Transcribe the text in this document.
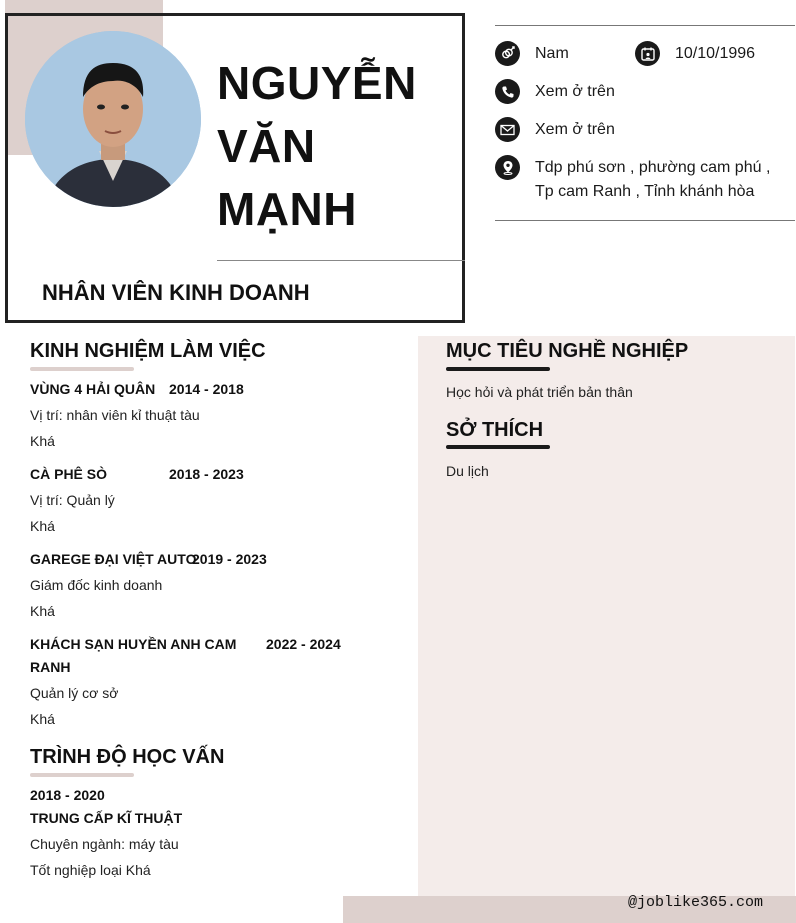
NGUYỄN
VĂN
MẠNH
NHÂN VIÊN KINH DOANH
Nam	10/10/1996
Xem ở trên
Xem ở trên
Tdp phú sơn , phường cam phú ,
Tp cam Ranh , Tỉnh khánh hòa
KINH NGHIỆM LÀM VIỆC
VÙNG 4 HẢI QUÂN 2014 - 2018
Vị trí: nhân viên kỉ thuật tàu
Khá
CÀ PHÊ SÒ	2018 - 2023
Vị trí: Quản lý
Khá
GAREGE ĐẠI VIỆT AUTO
2019 - 2023
Giám đốc kinh doanh
Khá
KHÁCH SẠN HUYỀN ANH CAM 2022 - 2024
RANH
Quản lý cơ sở
Khá
TRÌNH ĐỘ HỌC VẤN
2018 - 2020
TRUNG CẤP KĨ THUẬT
Chuyên ngành: máy tàu
Tốt nghiệp loại Khá
MỤC TIÊU NGHỀ NGHIỆP
Học hỏi và phát triển bản thân
SỞ THÍCH
Du lịch
@joblike365.com
